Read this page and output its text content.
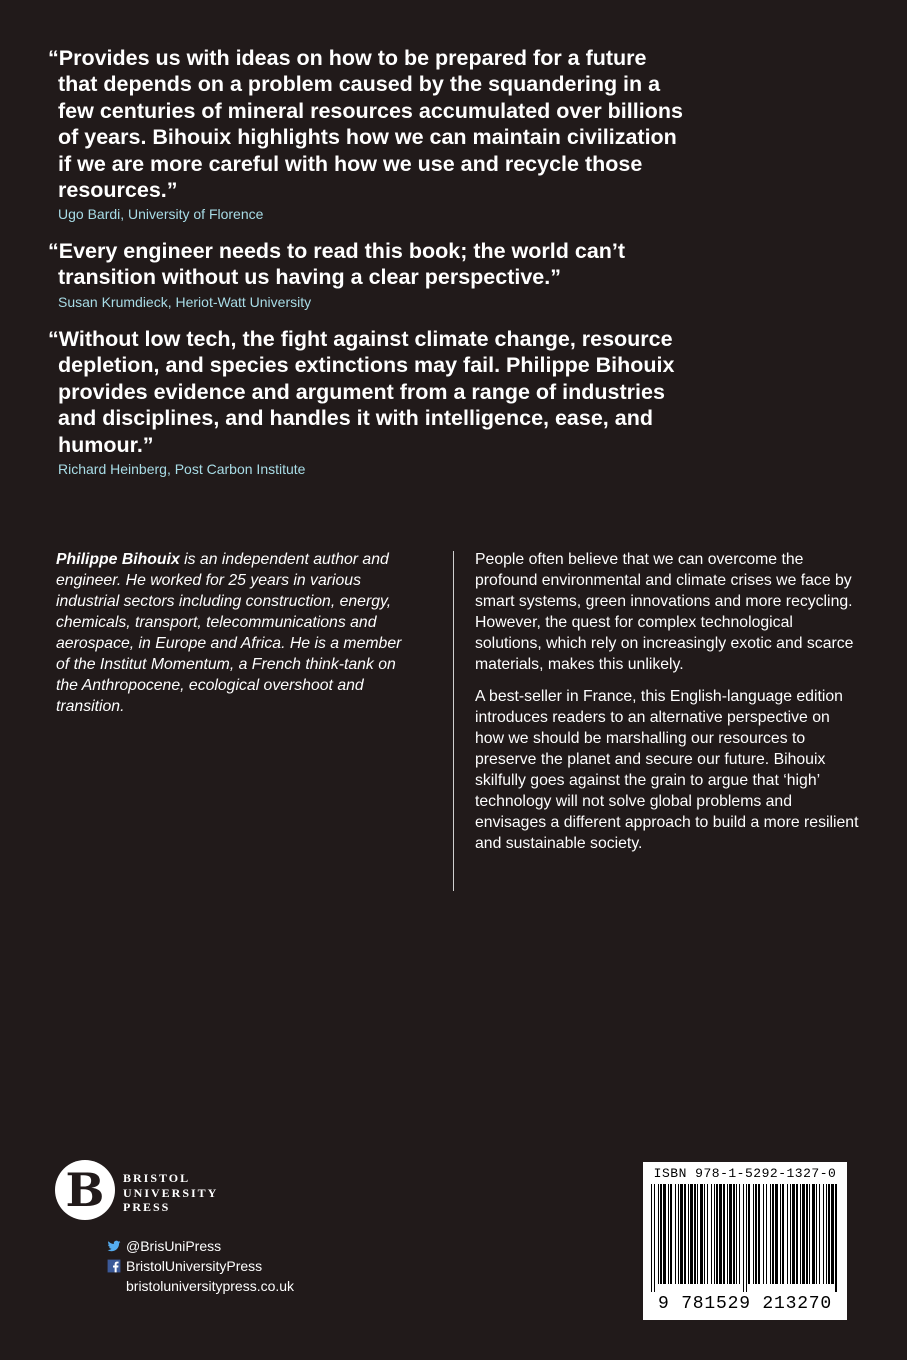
“Provides us with ideas on how to be prepared for a future that depends on a problem caused by the squandering in a few centuries of mineral resources accumulated over billions of years. Bihouix highlights how we can maintain civilization if we are more careful with how we use and recycle those resources.”

Ugo Bardi, University of Florence

“Every engineer needs to read this book; the world can’t transition without us having a clear perspective.”

Susan Krumdieck, Heriot-Watt University

“Without low tech, the fight against climate change, resource depletion, and species extinctions may fail. Philippe Bihouix provides evidence and argument from a range of industries and disciplines, and handles it with intelligence, ease, and humour.”

Richard Heinberg, Post Carbon Institute

Philippe Bihouix is an independent author and engineer. He worked for 25 years in various industrial sectors including construction, energy, chemicals, transport, telecommunications and aerospace, in Europe and Africa. He is a member of the Institut Momentum, a French think-tank on the Anthropocene, ecological overshoot and transition.

People often believe that we can overcome the profound environmental and climate crises we face by smart systems, green innovations and more recycling. However, the quest for complex technological solutions, which rely on increasingly exotic and scarce materials, makes this unlikely.

A best-seller in France, this English-language edition introduces readers to an alternative perspective on how we should be marshalling our resources to preserve the planet and secure our future. Bihouix skilfully goes against the grain to argue that ‘high’ technology will not solve global problems and envisages a different approach to build a more resilient and sustainable society.

B	BRISTOL
UNIVERSITY
PRESS
@BrisUniPress
BristolUniversityPress
bristoluniversitypress.co.uk
ISBN 978-1-5292-1327-0
9 781529 213270
